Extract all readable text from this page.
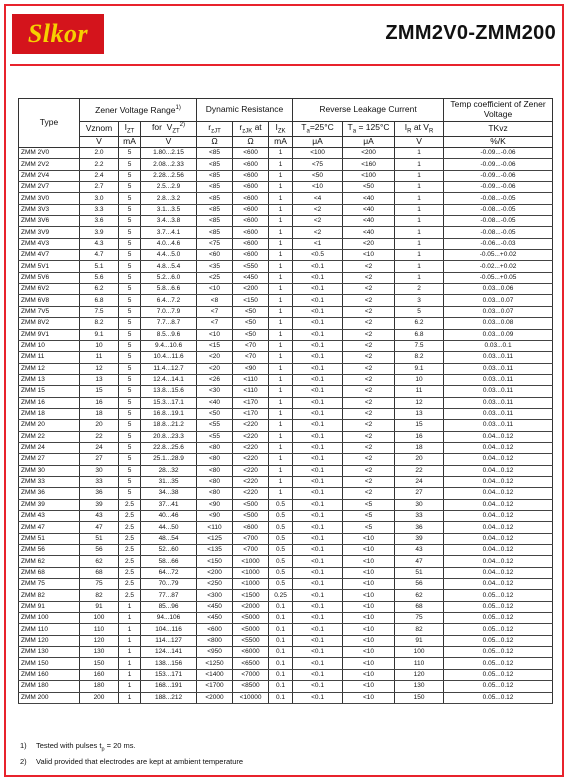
Slkor	ZMM2V0-ZMM200
Type	Zener Voltage Range$^{1)}$			Dynamic Resistance			Reverse Leakage Current			Temp coefficient of Zener Voltage
	Vznom	$I_{ZT}$	for $V_{ZT}^{2)}$	$r_{zJT}$	$r_{zJK}$ at	$I_{ZK}$	$T_a=25^\circ C$	$T_a = 125^\circ C$	$I_R$ at $V_R$	TKvz
	V	mA	V	Ω	Ω	mA	μA	μA	V	%/K
ZMM 2V0	2.0	5	1.80...2.15	<85	<600	1	<100	<200	1	-0.09...-0.06
ZMM 2V2	2.2	5	2.08...2.33	<85	<600	1	<75	<160	1	-0.09...-0.06
ZMM 2V4	2.4	5	2.28...2.56	<85	<600	1	<50	<100	1	-0.09...-0.06
ZMM 2V7	2.7	5	2.5...2.9	<85	<600	1	<10	<50	1	-0.09...-0.06
ZMM 3V0	3.0	5	2.8...3.2	<85	<600	1	<4	<40	1	-0.08...-0.05
ZMM 3V3	3.3	5	3.1...3.5	<85	<600	1	<2	<40	1	-0.08...-0.05
ZMM 3V6	3.6	5	3.4...3.8	<85	<600	1	<2	<40	1	-0.08...-0.05
ZMM 3V9	3.9	5	3.7...4.1	<85	<600	1	<2	<40	1	-0.08...-0.05
ZMM 4V3	4.3	5	4.0...4.6	<75	<600	1	<1	<20	1	-0.06...-0.03
ZMM 4V7	4.7	5	4.4...5.0	<60	<600	1	<0.5	<10	1	-0.05...+0.02
ZMM 5V1	5.1	5	4.8...5.4	<35	<550	1	<0.1	<2	1	-0.02...+0.02
ZMM 5V6	5.6	5	5.2...6.0	<25	<450	1	<0.1	<2	1	-0.05...+0.05
ZMM 6V2	6.2	5	5.8...6.6	<10	<200	1	<0.1	<2	2	0.03...0.06
ZMM 6V8	6.8	5	6.4...7.2	<8	<150	1	<0.1	<2	3	0.03...0.07
ZMM 7V5	7.5	5	7.0...7.9	<7	<50	1	<0.1	<2	5	0.03...0.07
ZMM 8V2	8.2	5	7.7...8.7	<7	<50	1	<0.1	<2	6.2	0.03...0.08
ZMM 9V1	9.1	5	8.5...9.6	<10	<50	1	<0.1	<2	6.8	0.03...0.09
ZMM 10	10	5	9.4...10.6	<15	<70	1	<0.1	<2	7.5	0.03...0.1
ZMM 11	11	5	10.4...11.6	<20	<70	1	<0.1	<2	8.2	0.03...0.11
ZMM 12	12	5	11.4...12.7	<20	<90	1	<0.1	<2	9.1	0.03...0.11
ZMM 13	13	5	12.4...14.1	<26	<110	1	<0.1	<2	10	0.03...0.11
ZMM 15	15	5	13.8...15.6	<30	<110	1	<0.1	<2	11	0.03...0.11
ZMM 16	16	5	15.3...17.1	<40	<170	1	<0.1	<2	12	0.03...0.11
ZMM 18	18	5	16.8...19.1	<50	<170	1	<0.1	<2	13	0.03...0.11
ZMM 20	20	5	18.8...21.2	<55	<220	1	<0.1	<2	15	0.03...0.11
ZMM 22	22	5	20.8...23.3	<55	<220	1	<0.1	<2	16	0.04...0.12
ZMM 24	24	5	22.8...25.6	<80	<220	1	<0.1	<2	18	0.04...0.12
ZMM 27	27	5	25.1...28.9	<80	<220	1	<0.1	<2	20	0.04...0.12
ZMM 30	30	5	28...32	<80	<220	1	<0.1	<2	22	0.04...0.12
ZMM 33	33	5	31...35	<80	<220	1	<0.1	<2	24	0.04...0.12
ZMM 36	36	5	34...38	<80	<220	1	<0.1	<2	27	0.04...0.12
ZMM 39	39	2.5	37...41	<90	<500	0.5	<0.1	<5	30	0.04...0.12
ZMM 43	43	2.5	40...46	<90	<500	0.5	<0.1	<5	33	0.04...0.12
ZMM 47	47	2.5	44...50	<110	<600	0.5	<0.1	<5	36	0.04...0.12
ZMM 51	51	2.5	48...54	<125	<700	0.5	<0.1	<10	39	0.04...0.12
ZMM 56	56	2.5	52...60	<135	<700	0.5	<0.1	<10	43	0.04...0.12
ZMM 62	62	2.5	58...66	<150	<1000	0.5	<0.1	<10	47	0.04...0.12
ZMM 68	68	2.5	64...72	<200	<1000	0.5	<0.1	<10	51	0.04...0.12
ZMM 75	75	2.5	70...79	<250	<1000	0.5	<0.1	<10	56	0.04...0.12
ZMM 82	82	2.5	77...87	<300	<1500	0.25	<0.1	<10	62	0.05...0.12
ZMM 91	91	1	85...96	<450	<2000	0.1	<0.1	<10	68	0.05...0.12
ZMM 100	100	1	94...106	<450	<5000	0.1	<0.1	<10	75	0.05...0.12
ZMM 110	110	1	104...116	<600	<5000	0.1	<0.1	<10	82	0.05...0.12
ZMM 120	120	1	114...127	<800	<5500	0.1	<0.1	<10	91	0.05...0.12
ZMM 130	130	1	124...141	<950	<6000	0.1	<0.1	<10	100	0.05...0.12
ZMM 150	150	1	138...156	<1250	<6500	0.1	<0.1	<10	110	0.05...0.12
ZMM 160	160	1	153...171	<1400	<7000	0.1	<0.1	<10	120	0.05...0.12
ZMM 180	180	1	168...191	<1700	<8500	0.1	<0.1	<10	130	0.05...0.12
ZMM 200	200	1	188...212	<2000	<10000	0.1	<0.1	<10	150	0.05...0.12
1) Tested with pulses $t_p = 20$ ms.
2) Valid provided that electrodes are kept at ambient temperature
